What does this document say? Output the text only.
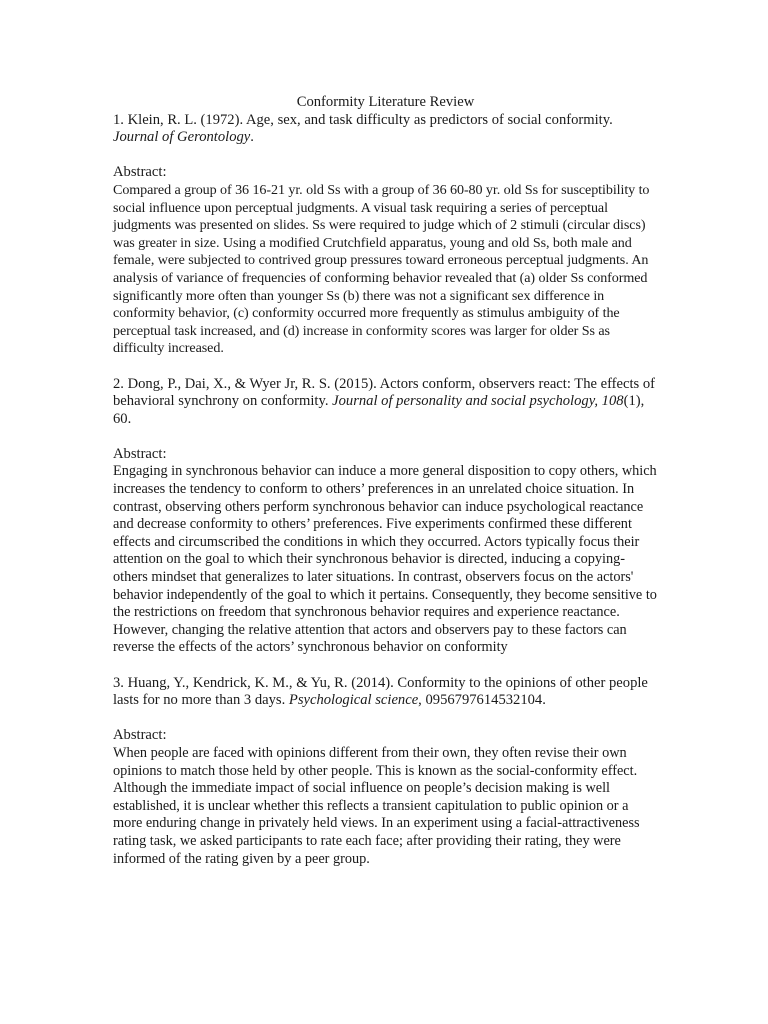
Conformity Literature Review

1. Klein, R. L. (1972). Age, sex, and task difficulty as predictors of social conformity. Journal of Gerontology.

Abstract:

Compared a group of 36 16-21 yr. old Ss with a group of 36 60-80 yr. old Ss for susceptibility to social influence upon perceptual judgments. A visual task requiring a series of perceptual judgments was presented on slides. Ss were required to judge which of 2 stimuli (circular discs) was greater in size. Using a modified Crutchfield apparatus, young and old Ss, both male and female, were subjected to contrived group pressures toward erroneous perceptual judgments. An analysis of variance of frequencies of conforming behavior revealed that (a) older Ss conformed significantly more often than younger Ss (b) there was not a significant sex difference in conformity behavior, (c) conformity occurred more frequently as stimulus ambiguity of the perceptual task increased, and (d) increase in conformity scores was larger for older Ss as difficulty increased.

2. Dong, P., Dai, X., & Wyer Jr, R. S. (2015). Actors conform, observers react: The effects of behavioral synchrony on conformity. Journal of personality and social psychology, 108(1), 60.

Abstract:

Engaging in synchronous behavior can induce a more general disposition to copy others, which increases the tendency to conform to others’ preferences in an unrelated choice situation. In contrast, observing others perform synchronous behavior can induce psychological reactance and decrease conformity to others’ preferences. Five experiments confirmed these different effects and circumscribed the conditions in which they occurred. Actors typically focus their attention on the goal to which their synchronous behavior is directed, inducing a copying-others mindset that generalizes to later situations. In contrast, observers focus on the actors' behavior independently of the goal to which it pertains. Consequently, they become sensitive to the restrictions on freedom that synchronous behavior requires and experience reactance. However, changing the relative attention that actors and observers pay to these factors can reverse the effects of the actors’ synchronous behavior on conformity

3. Huang, Y., Kendrick, K. M., & Yu, R. (2014). Conformity to the opinions of other people lasts for no more than 3 days. Psychological science, 0956797614532104.

Abstract:

When people are faced with opinions different from their own, they often revise their own opinions to match those held by other people. This is known as the social-conformity effect. Although the immediate impact of social influence on people’s decision making is well established, it is unclear whether this reflects a transient capitulation to public opinion or a more enduring change in privately held views. In an experiment using a facial-attractiveness rating task, we asked participants to rate each face; after providing their rating, they were informed of the rating given by a peer group.
